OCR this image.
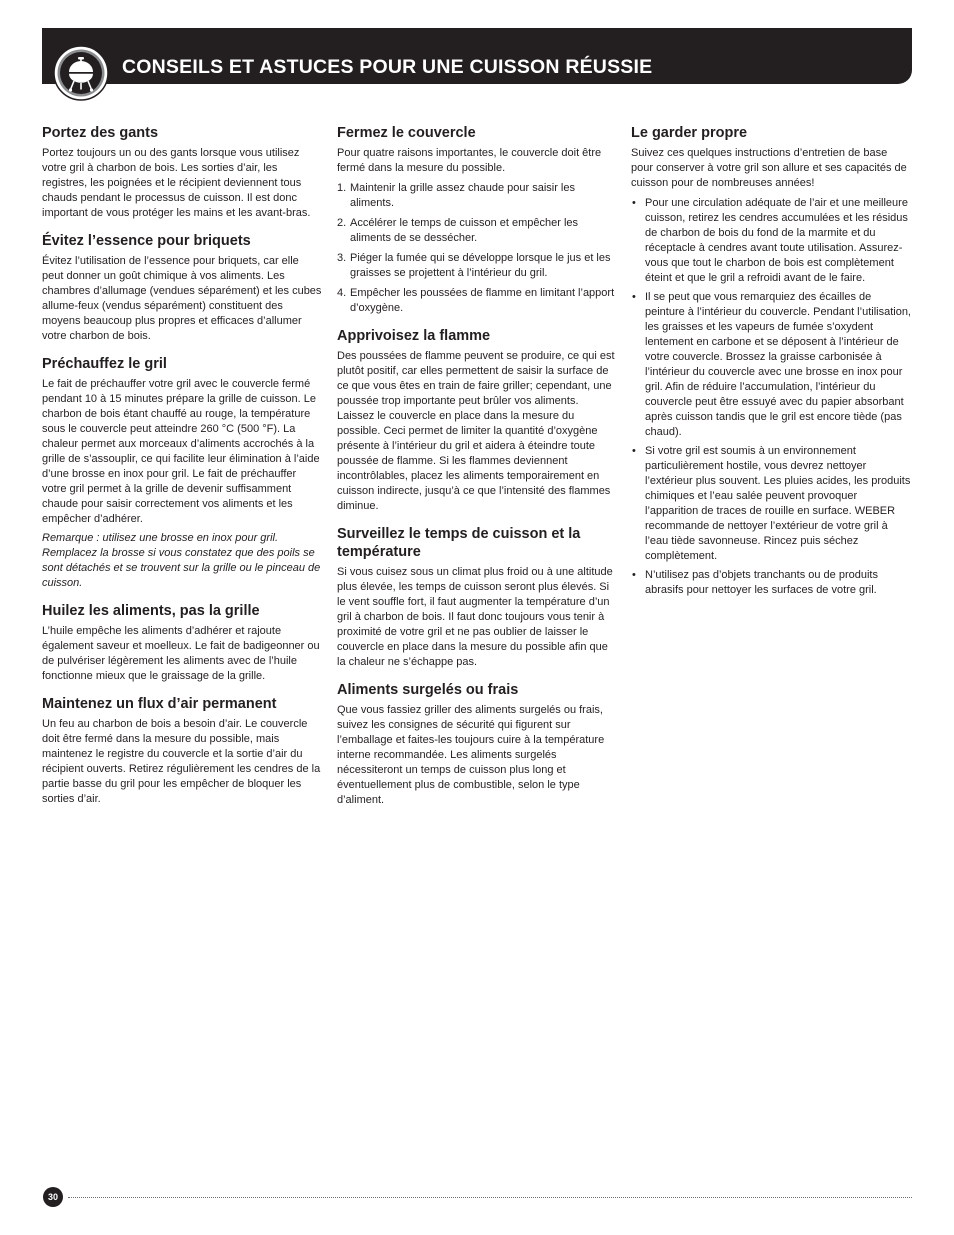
CONSEILS ET ASTUCES POUR UNE CUISSON RÉUSSIE
Portez des gants

Portez toujours un ou des gants lorsque vous utilisez votre gril à charbon de bois. Les sorties d’air, les registres, les poignées et le récipient deviennent tous chauds pendant le processus de cuisson. Il est donc important de vous protéger les mains et les avant-bras.

Évitez l’essence pour briquets

Évitez l’utilisation de l’essence pour briquets, car elle peut donner un goût chimique à vos aliments. Les chambres d’allumage (vendues séparément) et les cubes allume-feux (vendus séparément) constituent des moyens beaucoup plus propres et efficaces d’allumer votre charbon de bois.

Préchauffez le gril

Le fait de préchauffer votre gril avec le couvercle fermé pendant 10 à 15 minutes prépare la grille de cuisson. Le charbon de bois étant chauffé au rouge, la température sous le couvercle peut atteindre 260 °C (500 °F). La chaleur permet aux morceaux d’aliments accrochés à la grille de s’assouplir, ce qui facilite leur élimination à l’aide d’une brosse en inox pour gril. Le fait de préchauffer votre gril permet à la grille de devenir suffisamment chaude pour saisir correctement vos aliments et les empêcher d’adhérer.

Remarque : utilisez une brosse en inox pour gril. Remplacez la brosse si vous constatez que des poils se sont détachés et se trouvent sur la grille ou le pinceau de cuisson.

Huilez les aliments, pas la grille

L’huile empêche les aliments d’adhérer et rajoute également saveur et moelleux. Le fait de badigeonner ou de pulvériser légèrement les aliments avec de l’huile fonctionne mieux que le graissage de la grille.

Maintenez un flux d’air permanent

Un feu au charbon de bois a besoin d’air. Le couvercle doit être fermé dans la mesure du possible, mais maintenez le registre du couvercle et la sortie d’air du récipient ouverts. Retirez régulièrement les cendres de la partie basse du gril pour les empêcher de bloquer les sorties d’air.

Fermez le couvercle

Pour quatre raisons importantes, le couvercle doit être fermé dans la mesure du possible.

1. Maintenir la grille assez chaude pour saisir les aliments.
2. Accélérer le temps de cuisson et empêcher les aliments de se dessécher.
3. Piéger la fumée qui se développe lorsque le jus et les graisses se projettent à l’intérieur du gril.
4. Empêcher les poussées de flamme en limitant l’apport d’oxygène.
Apprivoisez la flamme

Des poussées de flamme peuvent se produire, ce qui est plutôt positif, car elles permettent de saisir la surface de ce que vous êtes en train de faire griller; cependant, une poussée trop importante peut brûler vos aliments. Laissez le couvercle en place dans la mesure du possible. Ceci permet de limiter la quantité d’oxygène présente à l’intérieur du gril et aidera à éteindre toute poussée de flamme. Si les flammes deviennent incontrôlables, placez les aliments temporairement en cuisson indirecte, jusqu’à ce que l’intensité des flammes diminue.

Surveillez le temps de cuisson et la température

Si vous cuisez sous un climat plus froid ou à une altitude plus élevée, les temps de cuisson seront plus élevés. Si le vent souffle fort, il faut augmenter la température d’un gril à charbon de bois. Il faut donc toujours vous tenir à proximité de votre gril et ne pas oublier de laisser le couvercle en place dans la mesure du possible afin que la chaleur ne s’échappe pas.

Aliments surgelés ou frais

Que vous fassiez griller des aliments surgelés ou frais, suivez les consignes de sécurité qui figurent sur l’emballage et faites-les toujours cuire à la température interne recommandée. Les aliments surgelés nécessiteront un temps de cuisson plus long et éventuellement plus de combustible, selon le type d’aliment.

Le garder propre

Suivez ces quelques instructions d’entretien de base pour conserver à votre gril son allure et ses capacités de cuisson pour de nombreuses années!

• Pour une circulation adéquate de l’air et une meilleure cuisson, retirez les cendres accumulées et les résidus de charbon de bois du fond de la marmite et du réceptacle à cendres avant toute utilisation. Assurez-vous que tout le charbon de bois est complètement éteint et que le gril a refroidi avant de le faire.
• Il se peut que vous remarquiez des écailles de peinture à l’intérieur du couvercle. Pendant l’utilisation, les graisses et les vapeurs de fumée s’oxydent lentement en carbone et se déposent à l’intérieur de votre couvercle. Brossez la graisse carbonisée à l’intérieur du couvercle avec une brosse en inox pour gril. Afin de réduire l’accumulation, l’intérieur du couvercle peut être essuyé avec du papier absorbant après cuisson tandis que le gril est encore tiède (pas chaud).
• Si votre gril est soumis à un environnement particulièrement hostile, vous devrez nettoyer l’extérieur plus souvent. Les pluies acides, les produits chimiques et l’eau salée peuvent provoquer l’apparition de traces de rouille en surface. WEBER recommande de nettoyer l’extérieur de votre gril à l’eau tiède savonneuse. Rincez puis séchez complètement.
• N’utilisez pas d’objets tranchants ou de produits abrasifs pour nettoyer les surfaces de votre gril.
30
